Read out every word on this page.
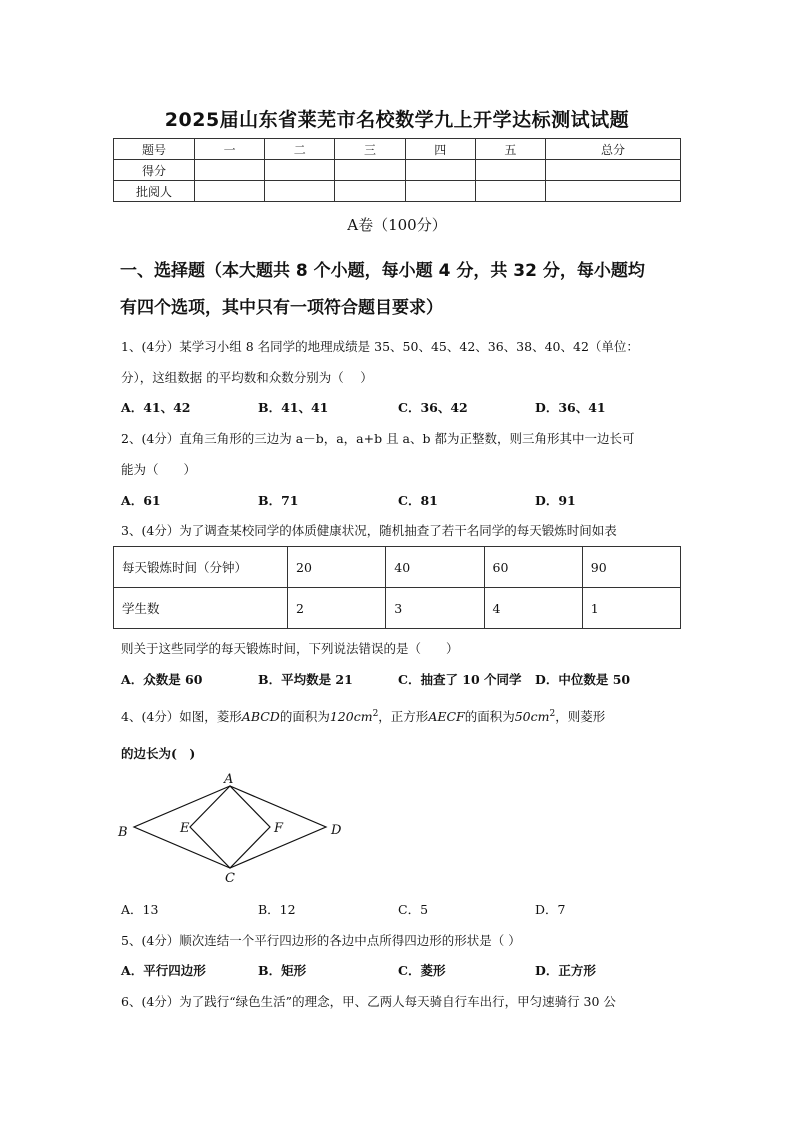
2025届山东省莱芜市名校数学九上开学达标测试试题
题号	一	二	三	四	五	总分
得分						
批阅人						
A卷（100分）
一、选择题（本大题共 8 个小题，每小题 4 分，共 32 分，每小题均
有四个选项，其中只有一项符合题目要求）
1、(4分）某学习小组 8 名同学的地理成绩是 35、50、45、42、36、38、40、42（单位：
分），这组数据 的平均数和众数分别为（　 ）
A．41、42	B．41、41	C．36、42	D．36、41
2、(4分）直角三角形的三边为 a－b，a，a+b 且 a、b 都为正整数，则三角形其中一边长可
能为（　　）
A．61	B．71	C．81	D．91
3、(4分）为了调查某校同学的体质健康状况，随机抽查了若干名同学的每天锻炼时间如表
每天锻炼时间（分钟）	20	40	60	90
学生数	2	3	4	1
则关于这些同学的每天锻炼时间，下列说法错误的是（　　）
A．众数是 60	B．平均数是 21	C．抽查了 10 个同学 D．中位数是 50
4、(4分）如图，菱形ABCD的面积为$120cm^2$，正方形AECF的面积为$50cm^2$，则菱形
的边长为(　)
A
B
C
D
E	F
A．13	B．12	C．5	D．7
5、(4分）顺次连结一个平行四边形的各边中点所得四边形的形状是（ ）
A．平行四边形	B．矩形	C．菱形	D．正方形
6、(4分）为了践行“绿色生活”的理念，甲、乙两人每天骑自行车出行，甲匀速骑行 30 公
